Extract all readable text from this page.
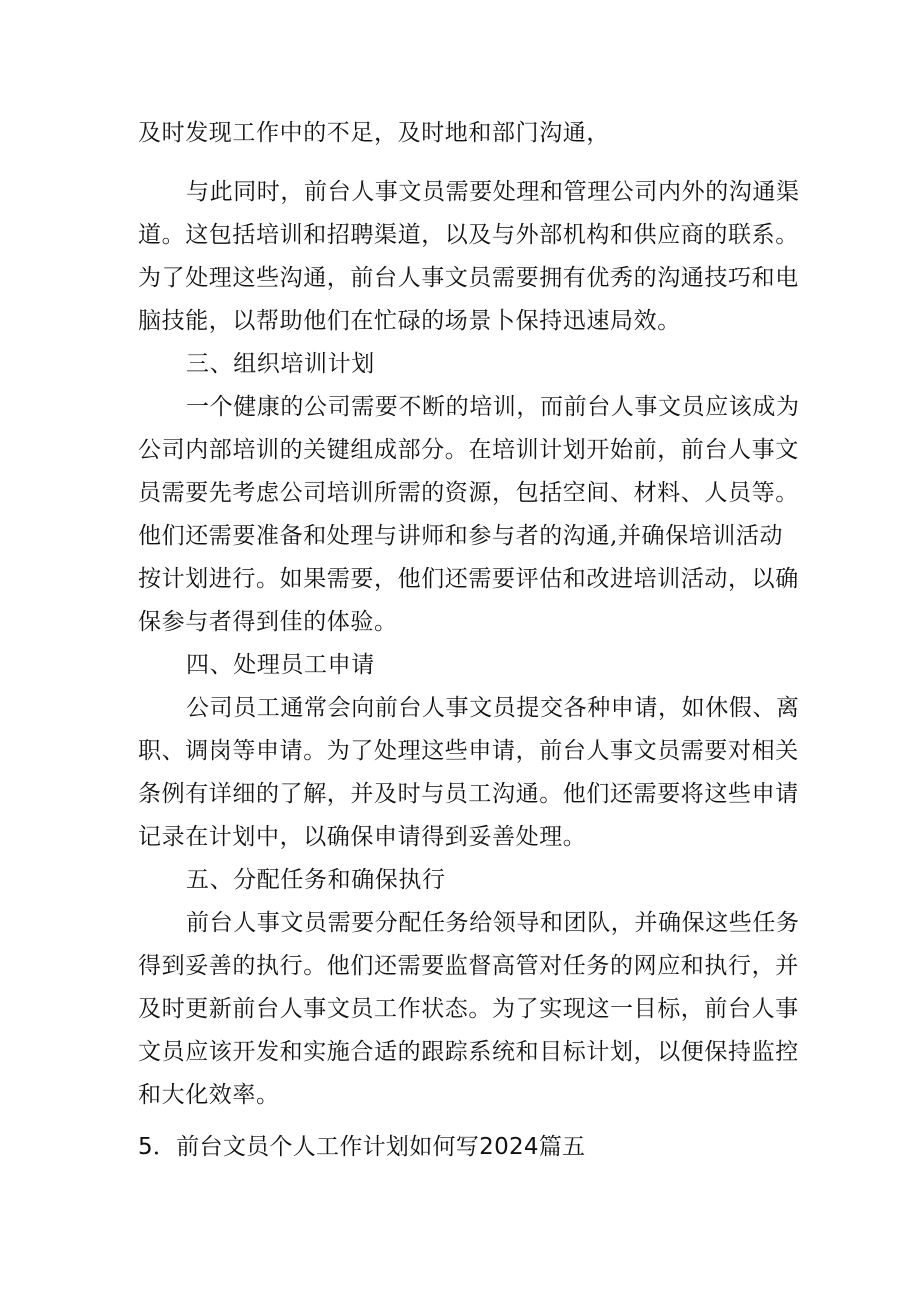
及时发现工作中的不足，及时地和部门沟通，
与此同时，前台人事文员需要处理和管理公司内外的沟通渠
道。这包括培训和招聘渠道，以及与外部机构和供应商的联系。
为了处理这些沟通，前台人事文员需要拥有优秀的沟通技巧和电
脑技能，以帮助他们在忙碌的场景卜保持迅速局效。
三、组织培训计划
一个健康的公司需要不断的培训，而前台人事文员应该成为
公司内部培训的关键组成部分。在培训计划开始前，前台人事文
员需要先考虑公司培训所需的资源，包括空间、材料、人员等。
他们还需要准备和处理与讲师和参与者的沟通,并确保培训活动
按计划进行。如果需要，他们还需要评估和改进培训活动，以确
保参与者得到佳的体验。
四、处理员工申请
公司员工通常会向前台人事文员提交各种申请，如休假、离
职、调岗等申请。为了处理这些申请，前台人事文员需要对相关
条例有详细的了解，并及时与员工沟通。他们还需要将这些申请
记录在计划中，以确保申请得到妥善处理。
五、分配任务和确保执行
前台人事文员需要分配任务给领导和团队，并确保这些任务
得到妥善的执行。他们还需要监督高管对任务的网应和执行，并
及时更新前台人事文员工作状态。为了实现这一目标，前台人事
文员应该开发和实施合适的跟踪系统和目标计划，以便保持监控
和大化效率。
5．前台文员个人工作计划如何写2024篇五
